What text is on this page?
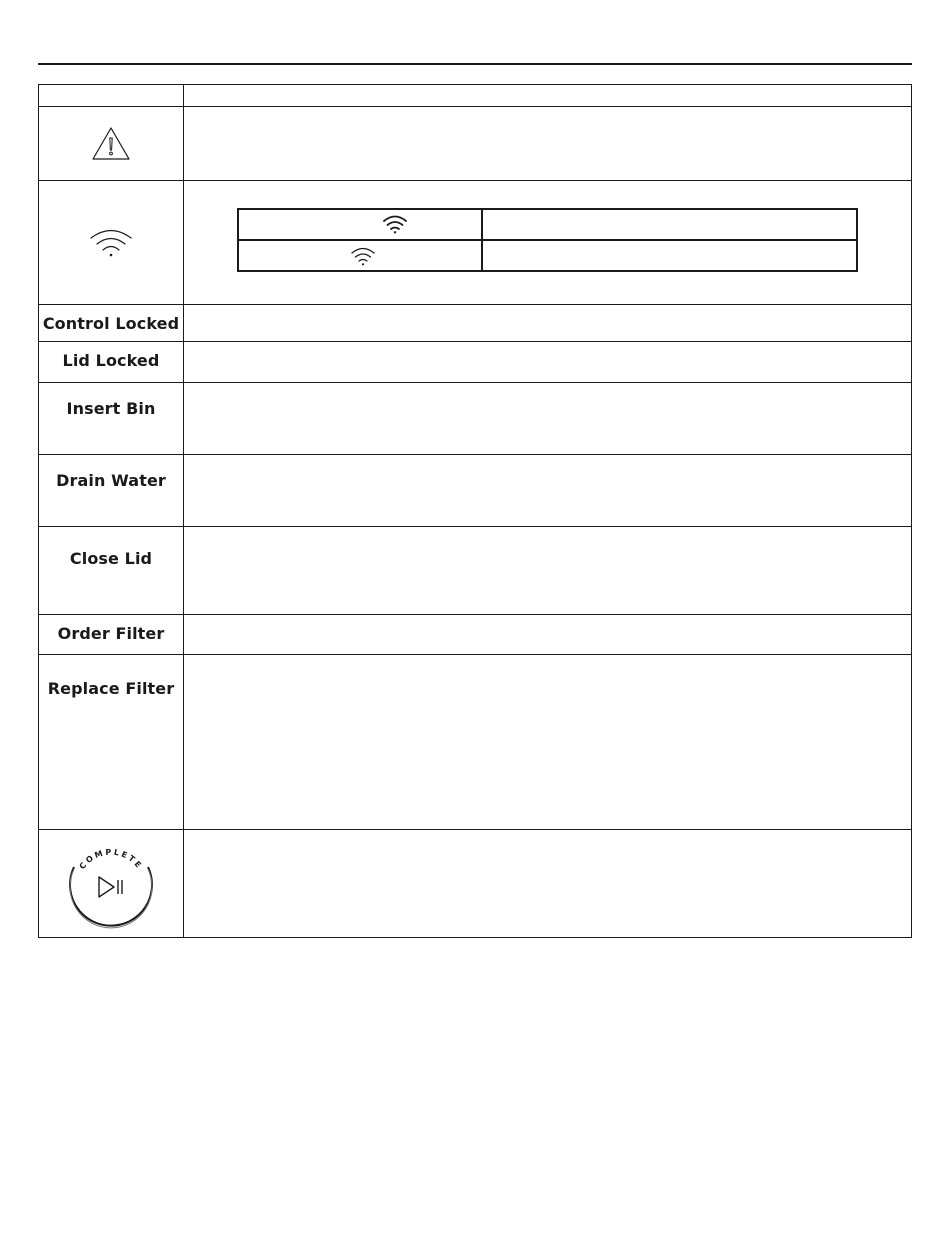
Control Locked

Lid Locked

Insert Bin

Drain Water

Close Lid

Order Filter

Replace Filter

COMPLETE
